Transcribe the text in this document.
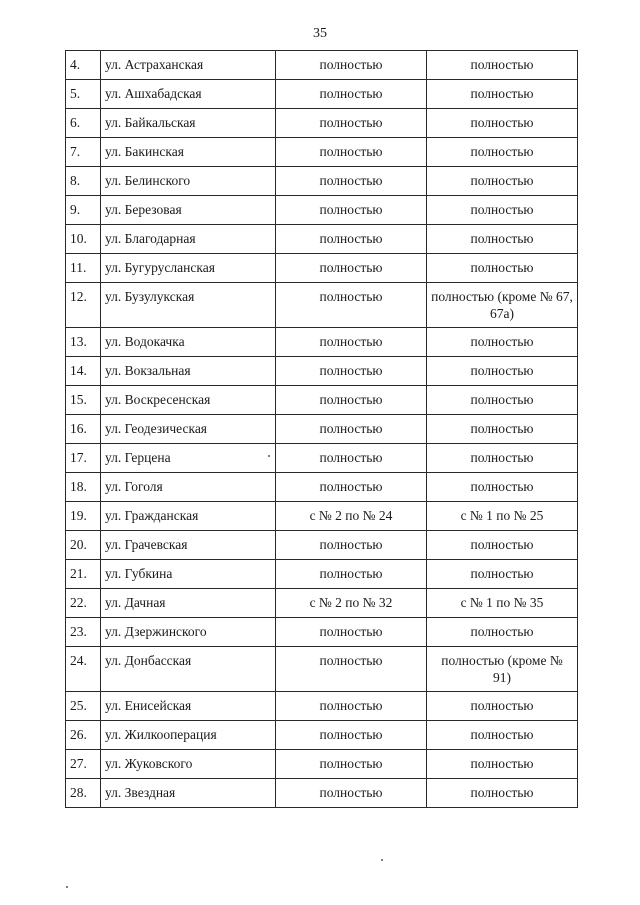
35
4.	ул. Астраханская	полностью	полностью
5.	ул. Ашхабадская	полностью	полностью
6.	ул. Байкальская	полностью	полностью
7.	ул. Бакинская	полностью	полностью
8.	ул. Белинского	полностью	полностью
9.	ул. Березовая	полностью	полностью
10.	ул. Благодарная	полностью	полностью
11.	ул. Бугурусланская	полностью	полностью
12.	ул. Бузулукская	полностью	полностью (кроме № 67, 67а)
13.	ул. Водокачка	полностью	полностью
14.	ул. Вокзальная	полностью	полностью
15.	ул. Воскресенская	полностью	полностью
16.	ул. Геодезическая	полностью	полностью
17.	ул. Герцена	полностью	полностью
18.	ул. Гоголя	полностью	полностью
19.	ул. Гражданская	с № 2 по № 24	с № 1 по № 25
20.	ул. Грачевская	полностью	полностью
21.	ул. Губкина	полностью	полностью
22.	ул. Дачная	с № 2 по № 32	с № 1 по № 35
23.	ул. Дзержинского	полностью	полностью
24.	ул. Донбасская	полностью	полностью (кроме № 91)
25.	ул. Енисейская	полностью	полностью
26.	ул. Жилкооперация	полностью	полностью
27.	ул. Жуковского	полностью	полностью
28.	ул. Звездная	полностью	полностью
